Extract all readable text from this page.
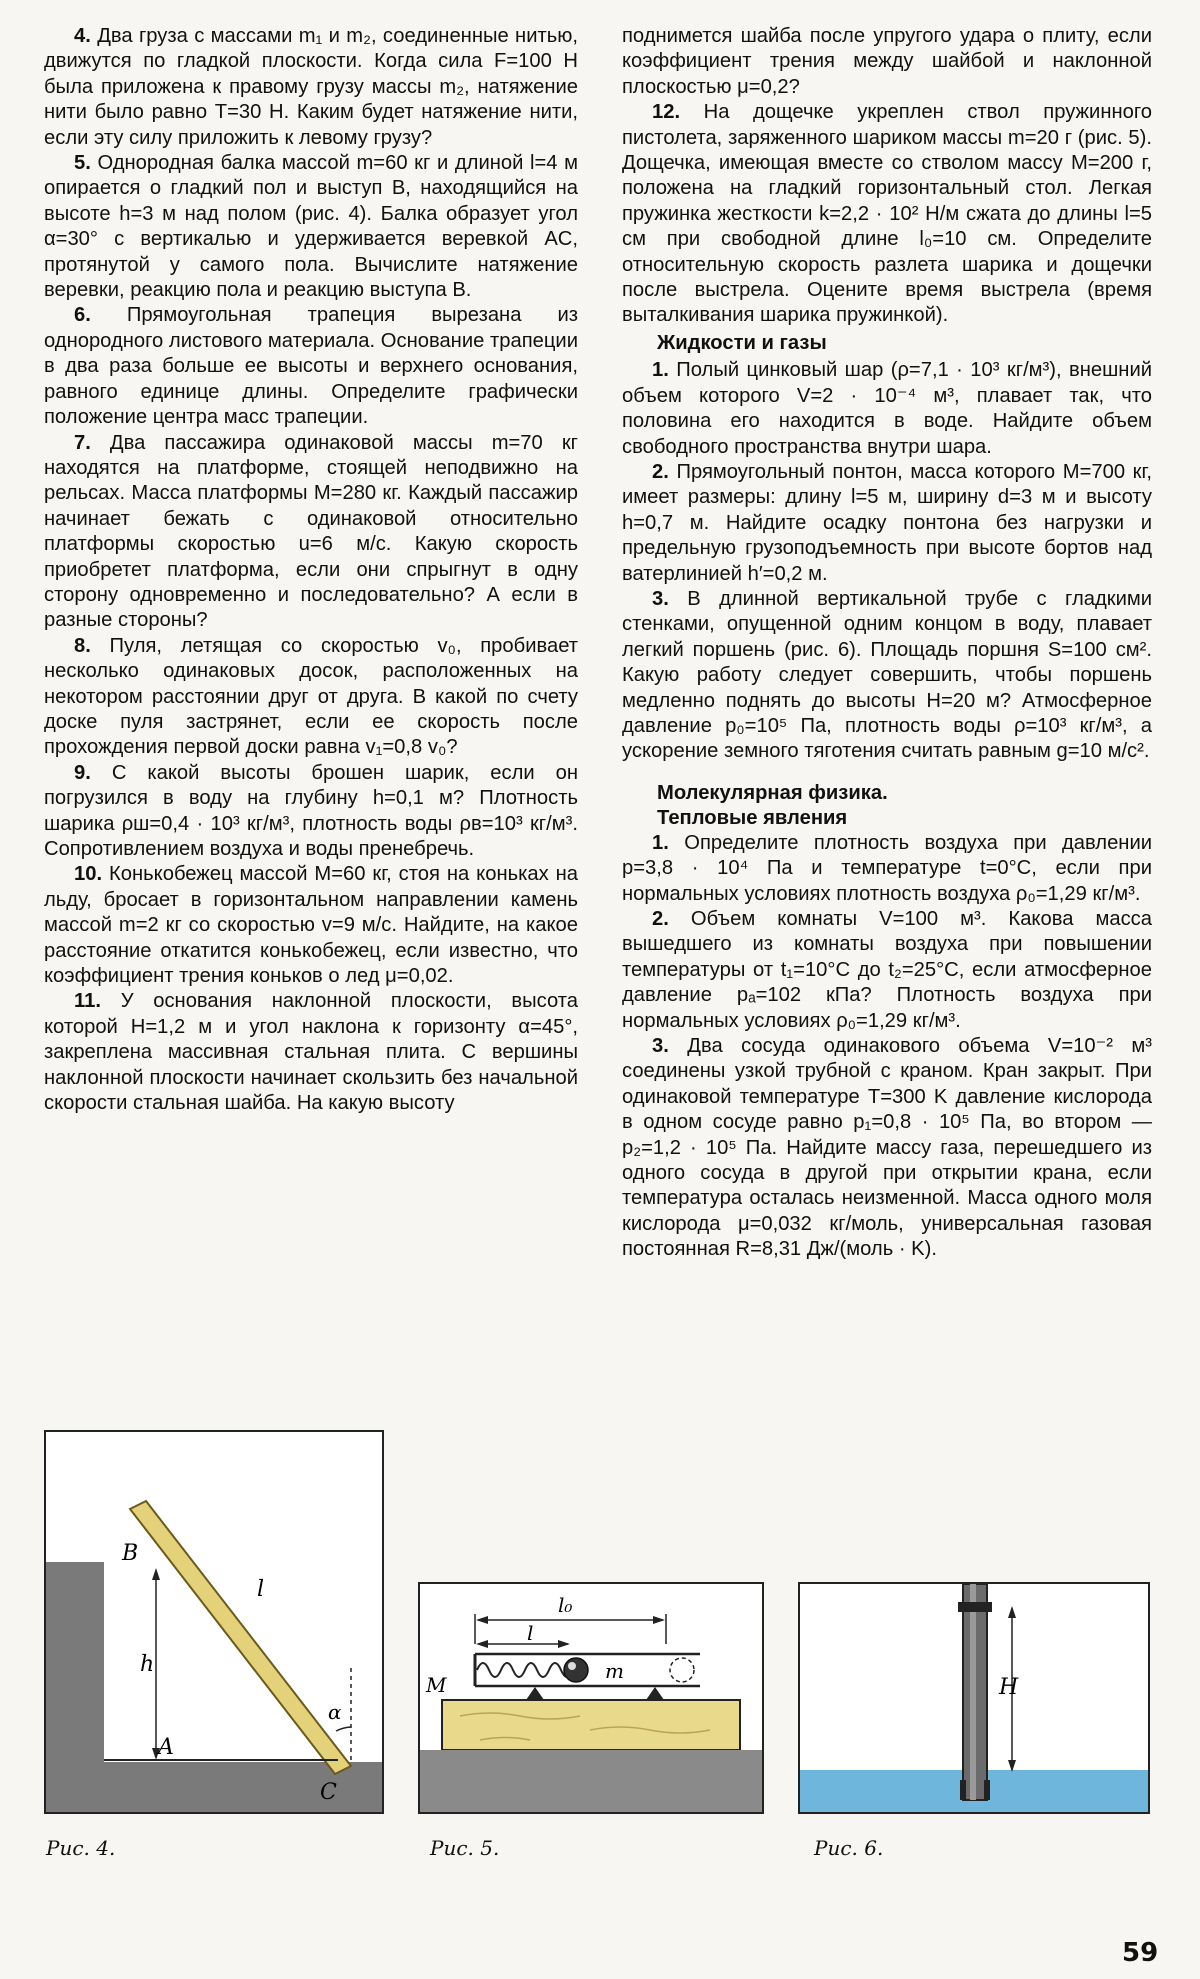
4. Два груза с массами m₁ и m₂, соединенные нитью, движутся по гладкой плоскости. Когда сила F=100 Н была приложена к правому грузу массы m₂, натяжение нити было равно T=30 Н. Каким будет натяжение нити, если эту силу приложить к левому грузу?

5. Однородная балка массой m=60 кг и длиной l=4 м опирается о гладкий пол и выступ B, находящийся на высоте h=3 м над полом (рис. 4). Балка образует угол α=30° с вертикалью и удерживается веревкой AC, протянутой у самого пола. Вычислите натяжение веревки, реакцию пола и реакцию выступа B.

6. Прямоугольная трапеция вырезана из однородного листового материала. Основание трапеции в два раза больше ее высоты и верхнего основания, равного единице длины. Определите графически положение центра масс трапеции.

7. Два пассажира одинаковой массы m=70 кг находятся на платформе, стоящей неподвижно на рельсах. Масса платформы M=280 кг. Каждый пассажир начинает бежать с одинаковой относительно платформы скоростью u=6 м/с. Какую скорость приобретет платформа, если они спрыгнут в одну сторону одновременно и последовательно? А если в разные стороны?

8. Пуля, летящая со скоростью v₀, пробивает несколько одинаковых досок, расположенных на некотором расстоянии друг от друга. В какой по счету доске пуля застрянет, если ее скорость после прохождения первой доски равна v₁=0,8 v₀?

9. С какой высоты брошен шарик, если он погрузился в воду на глубину h=0,1 м? Плотность шарика ρш=0,4 · 10³ кг/м³, плотность воды ρв=10³ кг/м³. Сопротивлением воздуха и воды пренебречь.

10. Конькобежец массой M=60 кг, стоя на коньках на льду, бросает в горизонтальном направлении камень массой m=2 кг со скоростью v=9 м/с. Найдите, на какое расстояние откатится конькобежец, если известно, что коэффициент трения коньков о лед μ=0,02.

11. У основания наклонной плоскости, высота которой H=1,2 м и угол наклона к горизонту α=45°, закреплена массивная стальная плита. С вершины наклонной плоскости начинает скользить без начальной скорости стальная шайба. На какую высоту

поднимется шайба после упругого удара о плиту, если коэффициент трения между шайбой и наклонной плоскостью μ=0,2?

12. На дощечке укреплен ствол пружинного пистолета, заряженного шариком массы m=20 г (рис. 5). Дощечка, имеющая вместе со стволом массу M=200 г, положена на гладкий горизонтальный стол. Легкая пружинка жесткости k=2,2 · 10² Н/м сжата до длины l=5 см при свободной длине l₀=10 см. Определите относительную скорость разлета шарика и дощечки после выстрела. Оцените время выстрела (время выталкивания шарика пружинкой).

Жидкости и газы

1. Полый цинковый шар (ρ=7,1 · 10³ кг/м³), внешний объем которого V=2 · 10⁻⁴ м³, плавает так, что половина его находится в воде. Найдите объем свободного пространства внутри шара.

2. Прямоугольный понтон, масса которого M=700 кг, имеет размеры: длину l=5 м, ширину d=3 м и высоту h=0,7 м. Найдите осадку понтона без нагрузки и предельную грузоподъемность при высоте бортов над ватерлинией h′=0,2 м.

3. В длинной вертикальной трубе с гладкими стенками, опущенной одним концом в воду, плавает легкий поршень (рис. 6). Площадь поршня S=100 см². Какую работу следует совершить, чтобы поршень медленно поднять до высоты H=20 м? Атмосферное давление p₀=10⁵ Па, плотность воды ρ=10³ кг/м³, а ускорение земного тяготения считать равным g=10 м/с².

Молекулярная физика.
Тепловые явления

1. Определите плотность воздуха при давлении p=3,8 · 10⁴ Па и температуре t=0°C, если при нормальных условиях плотность воздуха ρ₀=1,29 кг/м³.

2. Объем комнаты V=100 м³. Какова масса вышедшего из комнаты воздуха при повышении температуры от t₁=10°C до t₂=25°C, если атмосферное давление pₐ=102 кПа? Плотность воздуха при нормальных условиях ρ₀=1,29 кг/м³.

3. Два сосуда одинакового объема V=10⁻² м³ соединены узкой трубной с краном. Кран закрыт. При одинаковой температуре T=300 K давление кислорода в одном сосуде равно p₁=0,8 · 10⁵ Па, во втором — p₂=1,2 · 10⁵ Па. Найдите массу газа, перешедшего из одного сосуда в другой при открытии крана, если температура осталась неизменной. Масса одного моля кислорода μ=0,032 кг/моль, универсальная газовая постоянная R=8,31 Дж/(моль · K).

B
h
l
α
A
C
Рис. 4.
l₀
l
m
M
Рис. 5.
H
Рис. 6.
59
